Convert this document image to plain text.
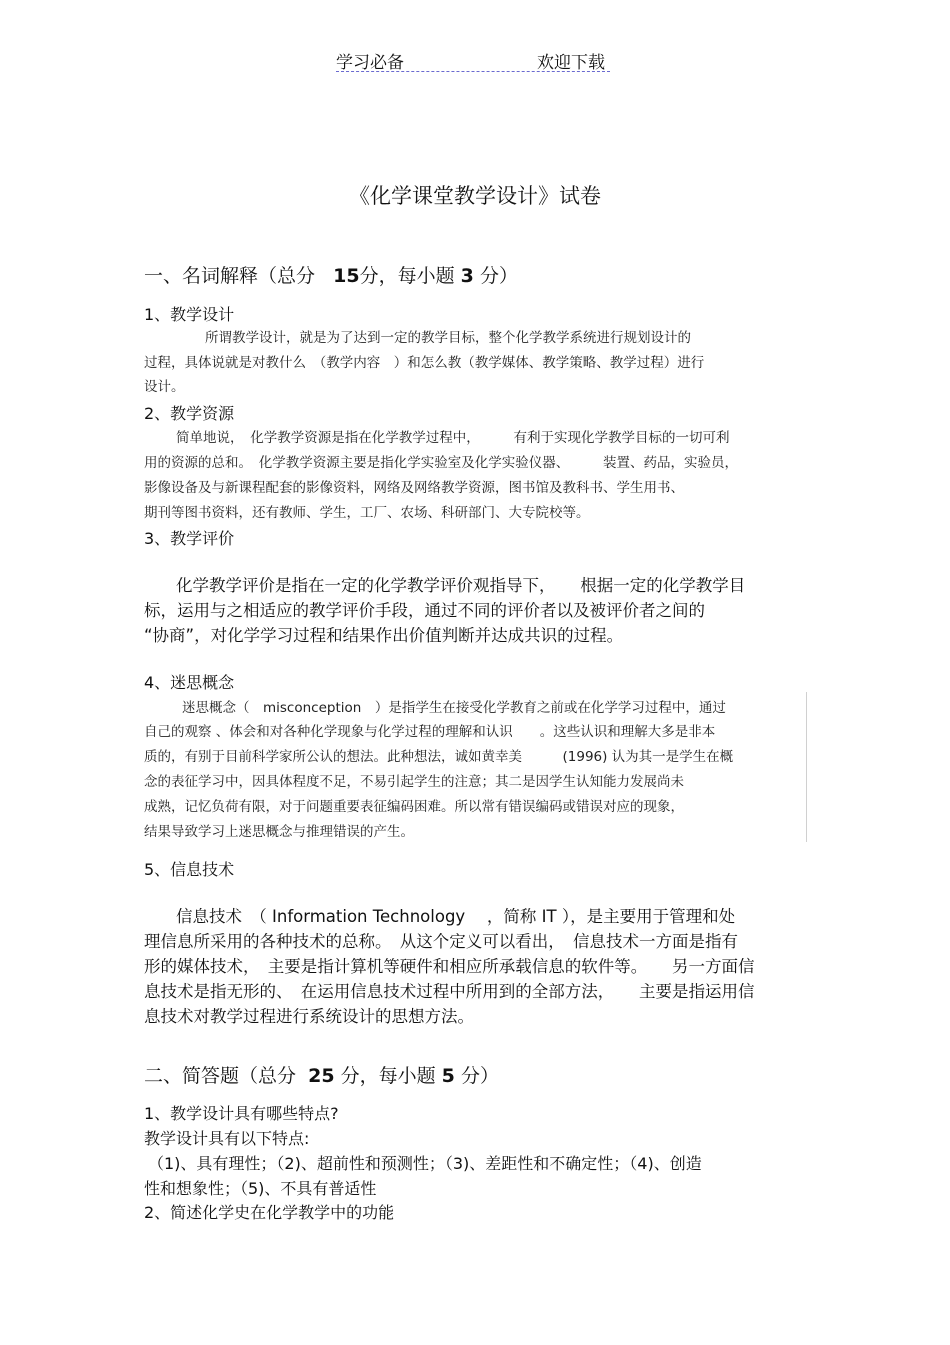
学习必备	欢迎下载
《化学课堂教学设计》试卷
一、名词解释（总分 15分，每小题 3 分）
1、教学设计
所谓教学设计，就是为了达到一定的教学目标，整个化学教学系统进行规划设计的
过程，具体说就是对教什么　（教学内容　）和怎么教（教学媒体、教学策略、教学过程）进行
设计。
2、教学资源
简单地说，　化学教学资源是指在化学教学过程中，　　　有利于实现化学教学目标的一切可利
用的资源的总和。　化学教学资源主要是指化学实验室及化学实验仪器、　　　装置、药品，实验员，
影像设备及与新课程配套的影像资料，网络及网络教学资源，图书馆及教科书、学生用书、
期刊等图书资料，还有教师、学生，工厂、农场、科研部门、大专院校等。
3、教学评价
化学教学评价是指在一定的化学教学评价观指导下，　　根据一定的化学教学目
标，运用与之相适应的教学评价手段，通过不同的评价者以及被评价者之间的
“协商”，对化学学习过程和结果作出价值判断并达成共识的过程。
4、迷思概念
迷思概念（　misconception　）是指学生在接受化学教育之前或在化学学习过程中，通过
自己的观察 、体会和对各种化学现象与化学过程的理解和认识　　。这些认识和理解大多是非本
质的，有别于目前科学家所公认的想法。此种想法，诚如黄幸美　　　(1996) 认为其一是学生在概
念的表征学习中，因具体程度不足，不易引起学生的注意；其二是因学生认知能力发展尚未
成熟，记忆负荷有限，对于问题重要表征编码困难。所以常有错误编码或错误对应的现象，
结果导致学习上迷思概念与推理错误的产生。
5、信息技术
信息技术　（ Information Technology　 ，简称 IT ），是主要用于管理和处
理信息所采用的各种技术的总称。　从这个定义可以看出，　信息技术一方面是指有
形的媒体技术，　主要是指计算机等硬件和相应所承载信息的软件等。　　另一方面信
息技术是指无形的、　在运用信息技术过程中所用到的全部方法，　　主要是指运用信
息技术对教学过程进行系统设计的思想方法。
二、简答题（总分 25 分，每小题 5 分）
1、教学设计具有哪些特点?
教学设计具有以下特点:
（1)、具有理性；（2)、超前性和预测性；（3)、差距性和不确定性；（4)、创造
性和想象性；（5)、不具有普适性
2、简述化学史在化学教学中的功能
